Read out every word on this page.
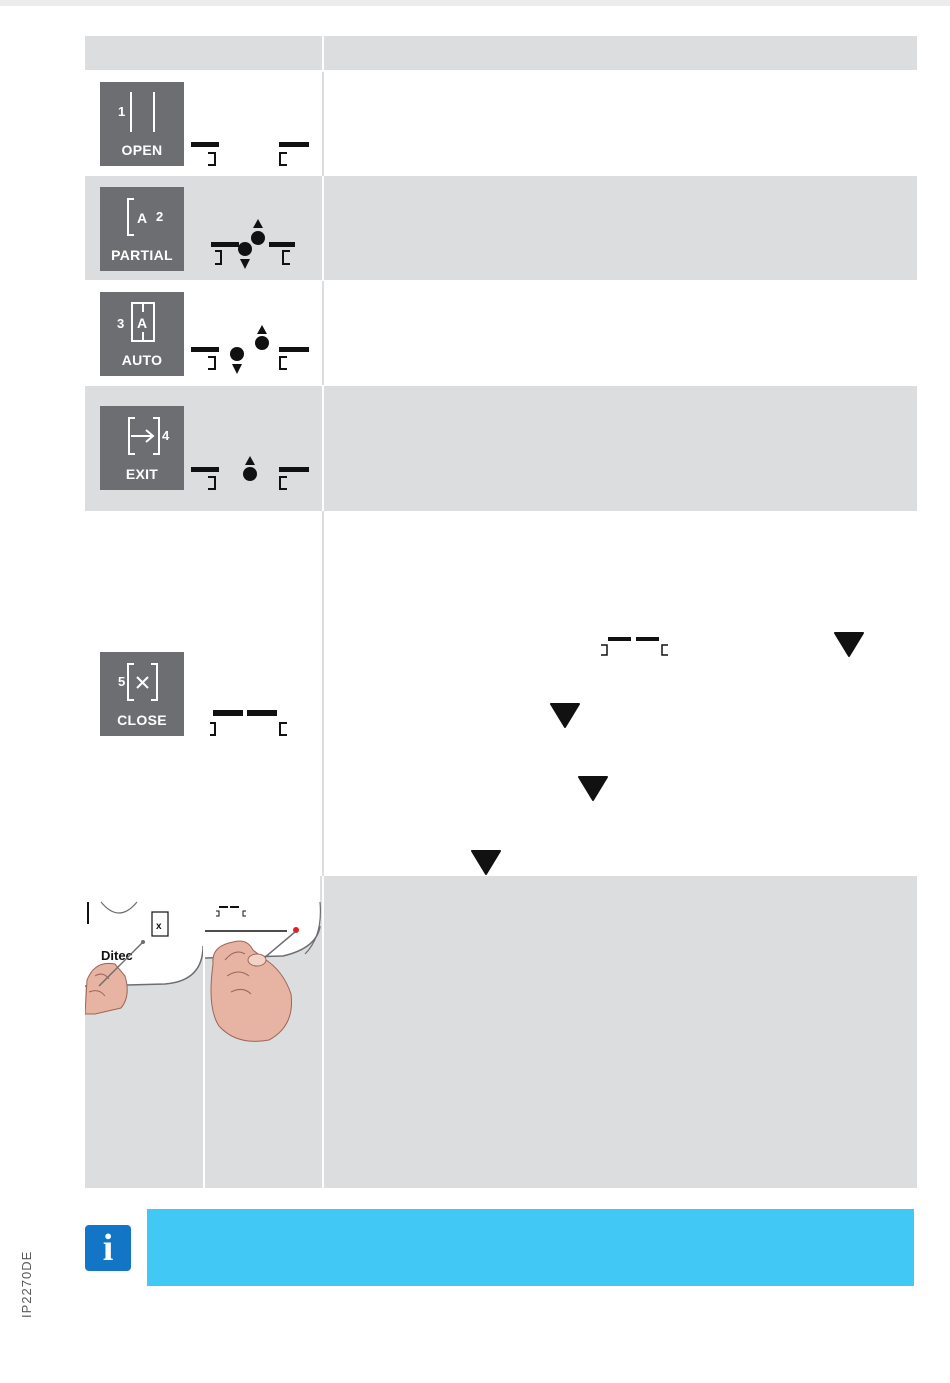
1
OPEN
A 2
PARTIAL
3 A
AUTO
4
EXIT
5
CLOSE
x
Ditec
i
IP2270DE
